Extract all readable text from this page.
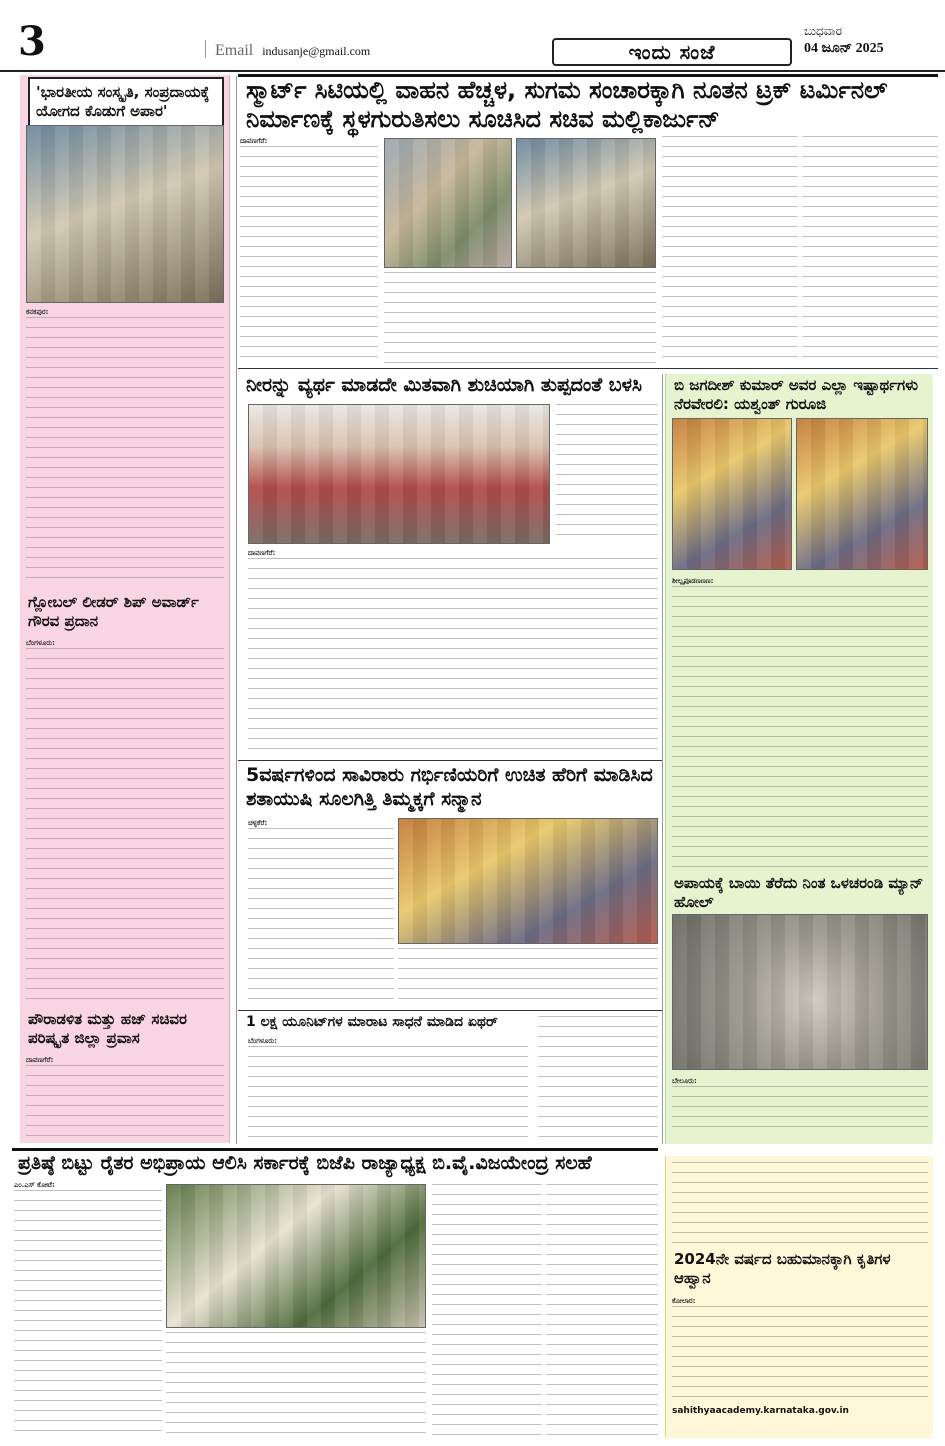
3	Email indusanje@gmail.com	ಇಂದು ಸಂಜೆ
ಬುಧವಾರ
04 ಜೂನ್ 2025
'ಭಾರತೀಯ ಸಂಸ್ಕೃತಿ, ಸಂಪ್ರದಾಯಕ್ಕೆ ಯೋಗದ ಕೊಡುಗೆ ಅಪಾರ'
ಕನಕಪುರ:
ಗ್ಲೋಬಲ್ ಲೀಡರ್ ಶಿಪ್ ಅವಾರ್ಡ್ ಗೌರವ ಪ್ರದಾನ
ಬೆಂಗಳೂರು:
ಪೌರಾಡಳಿತ ಮತ್ತು ಹಜ್ ಸಚಿವರ ಪರಿಷ್ಕೃತ ಜಿಲ್ಲಾ ಪ್ರವಾಸ
ದಾವಣಗೆರೆ:
ಸ್ಮಾರ್ಟ್ ಸಿಟಿಯಲ್ಲಿ ವಾಹನ ಹೆಚ್ಚಳ, ಸುಗಮ ಸಂಚಾರಕ್ಕಾಗಿ ನೂತನ ಟ್ರಕ್ ಟರ್ಮಿನಲ್ ನಿರ್ಮಾಣಕ್ಕೆ ಸ್ಥಳಗುರುತಿಸಲು ಸೂಚಿಸಿದ ಸಚಿವ ಮಲ್ಲಿಕಾರ್ಜುನ್
ದಾವಣಗೆರೆ:
ನೀರನ್ನು ವ್ಯರ್ಥ ಮಾಡದೇ ಮಿತವಾಗಿ ಶುಚಿಯಾಗಿ ತುಪ್ಪದಂತೆ ಬಳಸಿ
ದಾವಣಗೆರೆ:
ಬಿ ಜಗದೀಶ್ ಕುಮಾರ್ ಅವರ ಎಲ್ಲಾ ಇಷ್ಟಾರ್ಥಗಳು ನೆರವೇರಲಿ: ಯಶ್ವಂತ್ ಗುರೂಜಿ
ಶೀಲ್ಪೃಪೂಡಣಣಣ:
ಅಪಾಯಕ್ಕೆ ಬಾಯಿ ತೆರೆದು ನಿಂತ ಒಳಚರಂಡಿ ಮ್ಯಾನ್ ಹೋಲ್
ಬೇಲೂರು:
5ವರ್ಷಗಳಿಂದ ಸಾವಿರಾರು ಗರ್ಭಿಣಿಯರಿಗೆ ಉಚಿತ ಹೆರಿಗೆ ಮಾಡಿಸಿದ ಶತಾಯುಷಿ ಸೂಲಗಿತ್ತಿ ತಿಮ್ಮಕ್ಕಗೆ ಸನ್ಮಾನ
ಚಳ್ಳಕೆರೆ:
1 ಲಕ್ಷ ಯೂನಿಟ್‌ಗಳ ಮಾರಾಟ ಸಾಧನೆ ಮಾಡಿದ ಏಥರ್
ಬೆಂಗಳೂರು:
ಪ್ರತಿಷ್ಠೆ ಬಿಟ್ಟು ರೈತರ ಅಭಿಪ್ರಾಯ ಆಲಿಸಿ ಸರ್ಕಾರಕ್ಕೆ ಬಿಜೆಪಿ ರಾಜ್ಯಾಧ್ಯಕ್ಷ ಬಿ.ವೈ.ವಿಜಯೇಂದ್ರ ಸಲಹೆ
ಎಂ.ಎಸ್ ಕೋಟೆ:
2024ನೇ ವರ್ಷದ ಬಹುಮಾನಕ್ಕಾಗಿ ಕೃತಿಗಳ ಆಹ್ವಾನ
ಕೋಲಾರ:
sahithyaacademy.karnataka.gov.in
